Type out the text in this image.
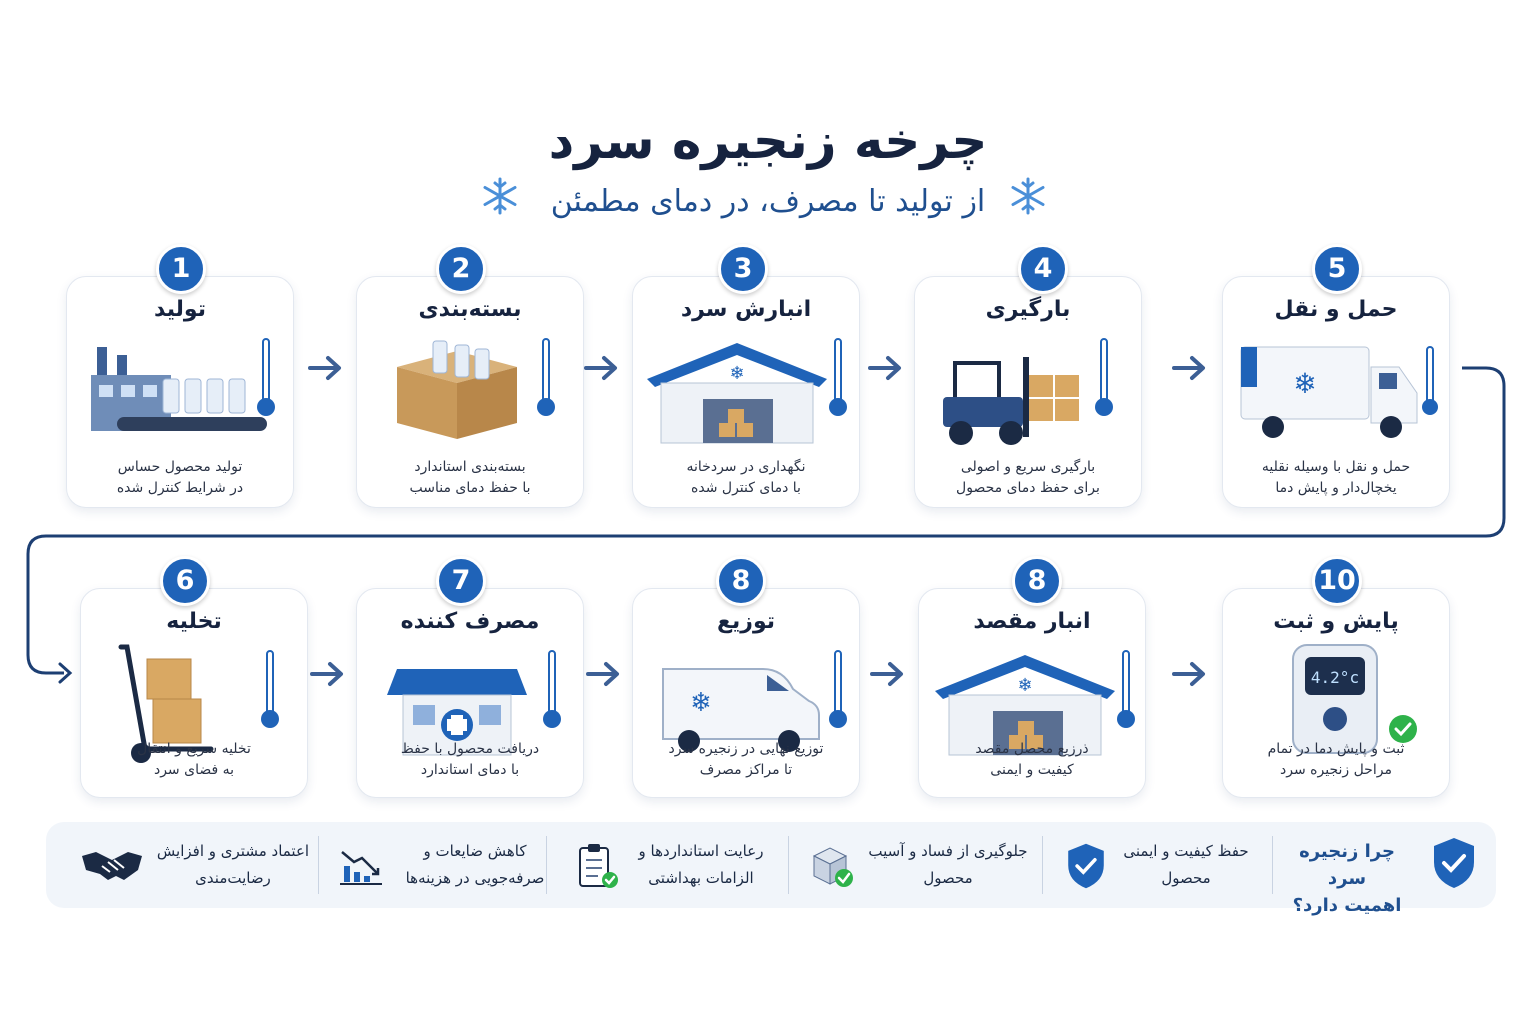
چرخه زنجیره سرد
از تولید تا مصرف، در دمای مطمئن
تولید
تولید محصول حساس
در شرایط کنترل شده
1
بسته‌بندی
بسته‌بندی استاندارد
با حفظ دمای مناسب
2
انبارش سرد
❄
نگهداری در سردخانه
با دمای کنترل شده
3
بارگیری
بارگیری سریع و اصولی
برای حفظ دمای محصول
4
حمل و نقل
❄
حمل و نقل با وسیله نقلیه
یخچال‌دار و پایش دما
5
تخلیه
تخلیه سریع و انتقال
به فضای سرد
6
مصرف کننده
دریافت محصول با حفظ
با دمای استاندارد
7
توزیع
❄
توزیع نهایی در زنجیره سرد
تا مراکز مصرف
8
انبار مقصد
❄
ذرزیع محصل مقصد
کیفیت و ایمنی
8
پایش و ثبت
4.2°c
ثبت و پایش دما در تمام
مراحل زنجیره سرد
10
چرا زنجیره سرد
اهمیت دارد؟
حفظ کیفیت و ایمنی
محصول
جلوگیری از فساد و آسیب
محصول
رعایت استانداردها و
الزامات بهداشتی
کاهش ضایعات و
صرفه‌جویی در هزینه‌ها
اعتماد مشتری و افزایش
رضایت‌مندی
